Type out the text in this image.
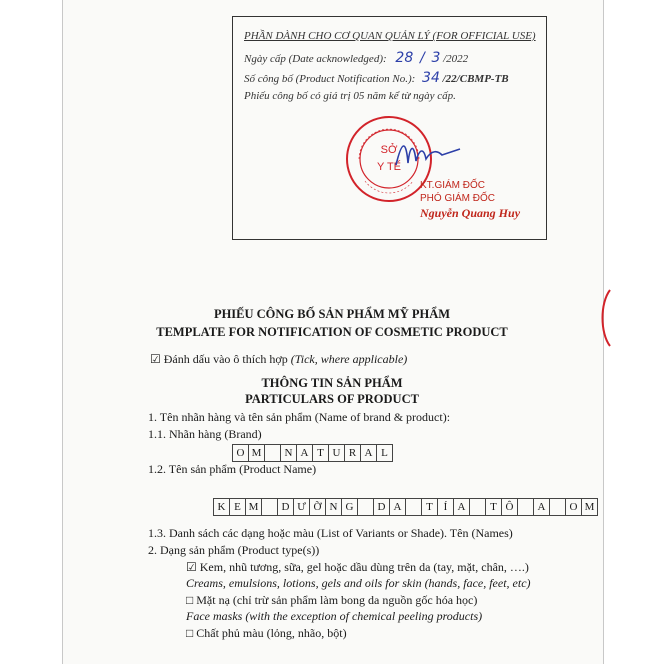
PHẦN DÀNH CHO CƠ QUAN QUẢN LÝ (FOR OFFICIAL USE)
Ngày cấp (Date acknowledged): 28 / 3 /2022
Số công bố (Product Notification No.): 34 /22/CBMP-TB
Phiếu công bố có giá trị 05 năm kể từ ngày cấp.
SỞ
Y TẾ
KT.GIÁM ĐỐC
PHÓ GIÁM ĐỐC
Nguyễn Quang Huy
PHIẾU CÔNG BỐ SẢN PHẨM MỸ PHẨM
TEMPLATE FOR NOTIFICATION OF COSMETIC PRODUCT
☑ Đánh dấu vào ô thích hợp (Tick, where applicable)
THÔNG TIN SẢN PHẨM
PARTICULARS OF PRODUCT
1. Tên nhãn hàng và tên sản phẩm (Name of brand & product):
1.1. Nhãn hàng (Brand)
O M	N A T U R A L
1.2. Tên sản phẩm (Product Name)
K E M	D Ư Ỡ N G	D A	T Í A	T Ô	A	O M
1.3. Danh sách các dạng hoặc màu (List of Variants or Shade). Tên (Names)
2. Dạng sản phẩm (Product type(s))
☑ Kem, nhũ tương, sữa, gel hoặc dầu dùng trên da (tay, mặt, chân, ….)
Creams, emulsions, lotions, gels and oils for skin (hands, face, feet, etc)
□ Mặt nạ (chỉ trừ sản phẩm làm bong da nguồn gốc hóa học)
Face masks (with the exception of chemical peeling products)
□ Chất phủ màu (lỏng, nhão, bột)
